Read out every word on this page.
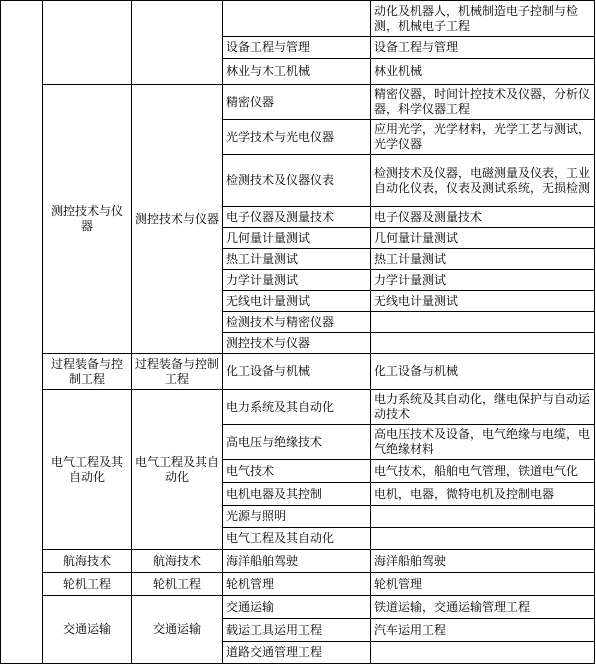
				动化及机器人，机械制造电子控制与检测，机械电子工程
			设备工程与管理	设备工程与管理
			林业与木工机械	林业机械
	测控技术与仪器	测控技术与仪器	精密仪器	精密仪器，时间计控技术及仪器，分析仪器，科学仪器工程
			光学技术与光电仪器	应用光学，光学材料，光学工艺与测试，光学仪器
			检测技术及仪器仪表	检测技术及仪器，电磁测量及仪表，工业自动化仪表，仪表及测试系统，无损检测
			电子仪器及测量技术	电子仪器及测量技术
			几何量计量测试	几何量计量测试
			热工计量测试	热工计量测试
			力学计量测试	力学计量测试
			无线电计量测试	无线电计量测试
			检测技术与精密仪器	
			测控技术与仪器	
	过程装备与控制工程	过程装备与控制工程	化工设备与机械	化工设备与机械
	电气工程及其自动化	电气工程及其自动化	电力系统及其自动化	电力系统及其自动化，继电保护与自动运动技术
			高电压与绝缘技术	高电压技术及设备，电气绝缘与电缆，电气绝缘材料
			电气技术	电气技术，船舶电气管理，铁道电气化
			电机电器及其控制	电机，电器，微特电机及控制电器
			光源与照明	
			电气工程及其自动化	
	航海技术	航海技术	海洋船舶驾驶	海洋船舶驾驶
	轮机工程	轮机工程	轮机管理	轮机管理
	交通运输	交通运输	交通运输	铁道运输，交通运输管理工程
			载运工具运用工程	汽车运用工程
			道路交通管理工程	
